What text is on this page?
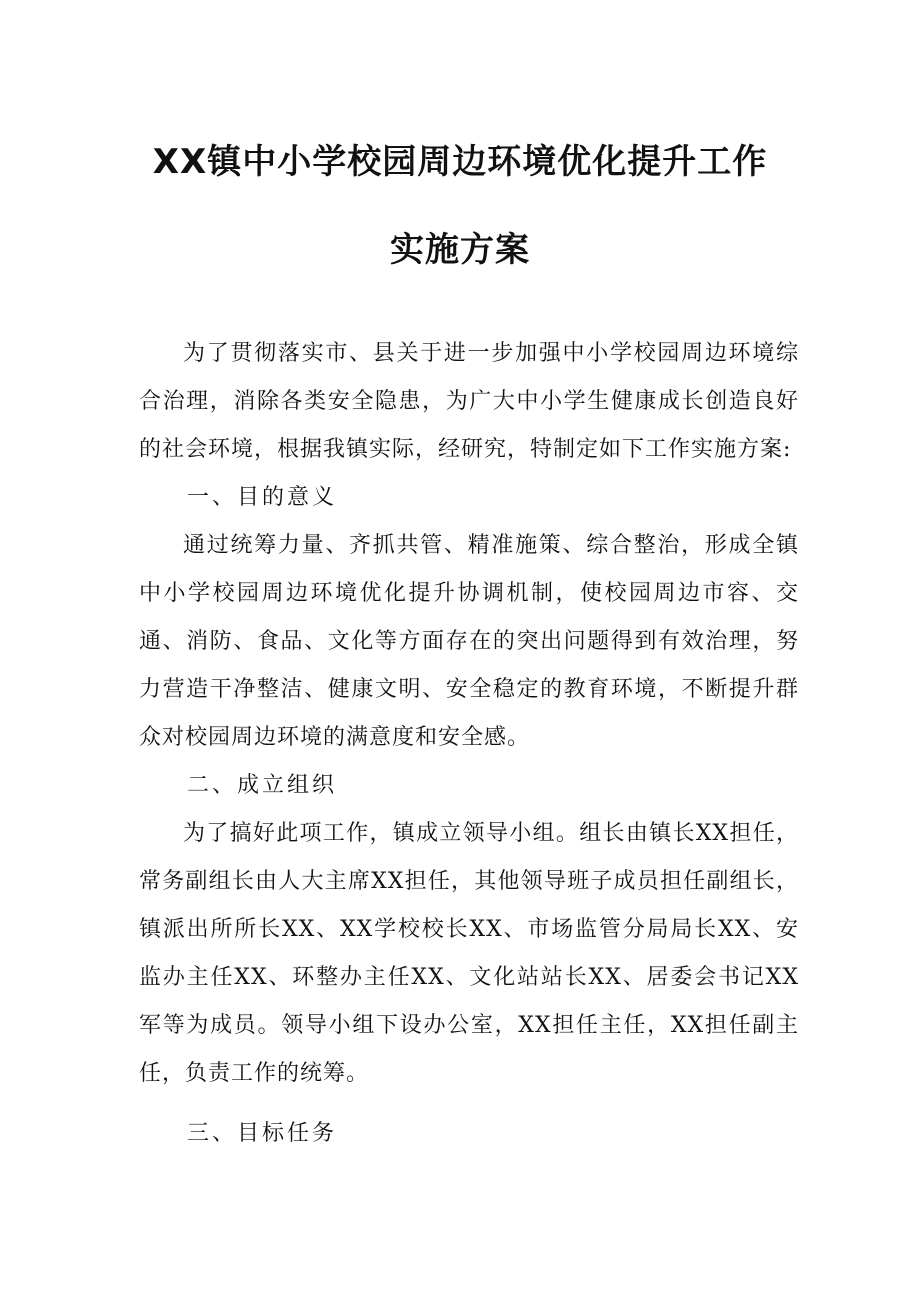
XX镇中小学校园周边环境优化提升工作
实施方案

为了贯彻落实市、县关于进一步加强中小学校园周边环境综合治理，消除各类安全隐患，为广大中小学生健康成长创造良好的社会环境，根据我镇实际，经研究，特制定如下工作实施方案:

一、目的意义

通过统筹力量、齐抓共管、精准施策、综合整治，形成全镇中小学校园周边环境优化提升协调机制，使校园周边市容、交通、消防、食品、文化等方面存在的突出问题得到有效治理，努力营造干净整洁、健康文明、安全稳定的教育环境，不断提升群众对校园周边环境的满意度和安全感。

二、成立组织

为了搞好此项工作，镇成立领导小组。组长由镇长XX担任，常务副组长由人大主席XX担任，其他领导班子成员担任副组长，镇派出所所长XX、XX学校校长XX、市场监管分局局长XX、安监办主任XX、环整办主任XX、文化站站长XX、居委会书记XX军等为成员。领导小组下设办公室，XX担任主任，XX担任副主任，负责工作的统筹。

三、目标任务
